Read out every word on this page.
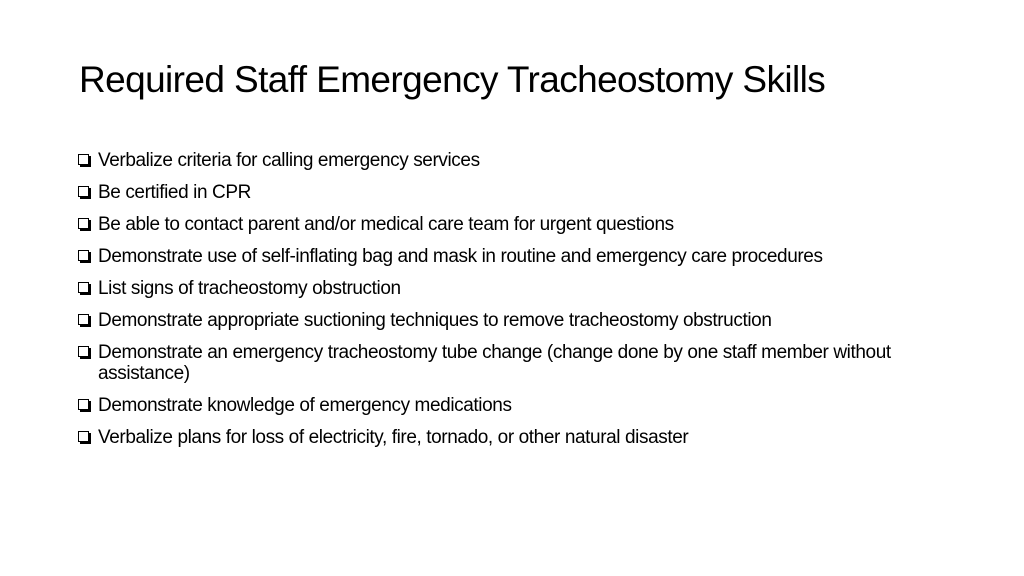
Required Staff Emergency Tracheostomy Skills
Verbalize criteria for calling emergency services
Be certified in CPR
Be able to contact parent and/or medical care team for urgent questions
Demonstrate use of self-inflating bag and mask in routine and emergency care procedures
List signs of tracheostomy obstruction
Demonstrate appropriate suctioning techniques to remove tracheostomy obstruction
Demonstrate an emergency tracheostomy tube change (change done by one staff member without assistance)
Demonstrate knowledge of emergency medications
Verbalize plans for loss of electricity, fire, tornado, or other natural disaster
